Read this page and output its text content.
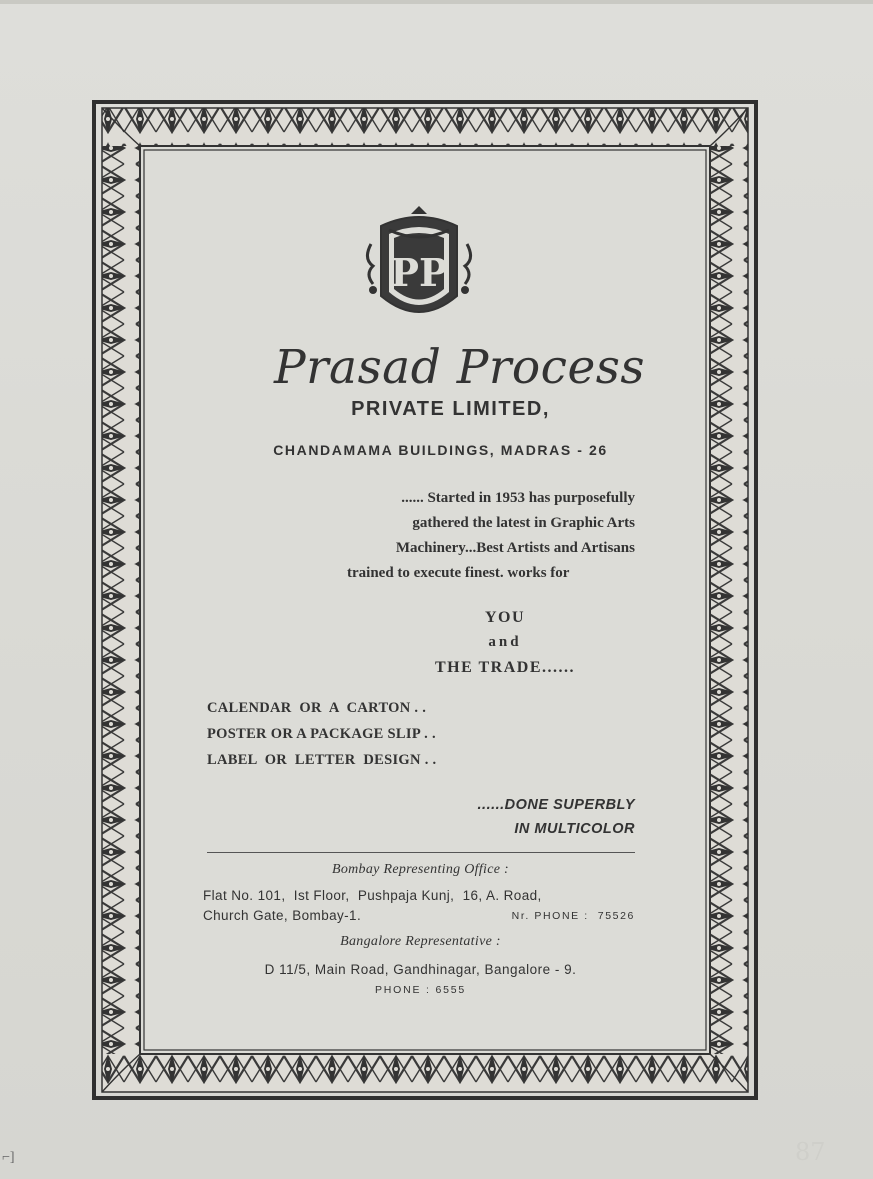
PP
Prasad Process
PRIVATE LIMITED,
CHANDAMAMA BUILDINGS, MADRAS - 26
...... Started in 1953 has purposefully
gathered the latest in Graphic Arts
Machinery...Best Artists and Artisans
trained to execute finest. works for
YOU
and
THE TRADE......
CALENDAR  OR  A  CARTON . .
POSTER OR A PACKAGE SLIP . .
LABEL  OR  LETTER  DESIGN . .
......DONE SUPERBLY
IN MULTICOLOR
Bombay Representing Office :
Flat No. 101,  Ist Floor,  Pushpaja Kunj,  16, A. Road,
Church Gate, Bombay-1.	Nr. PHONE :  75526
Bangalore Representative :
D 11/5, Main Road, Gandhinagar, Bangalore - 9.
PHONE : 6555
⌐]	87
